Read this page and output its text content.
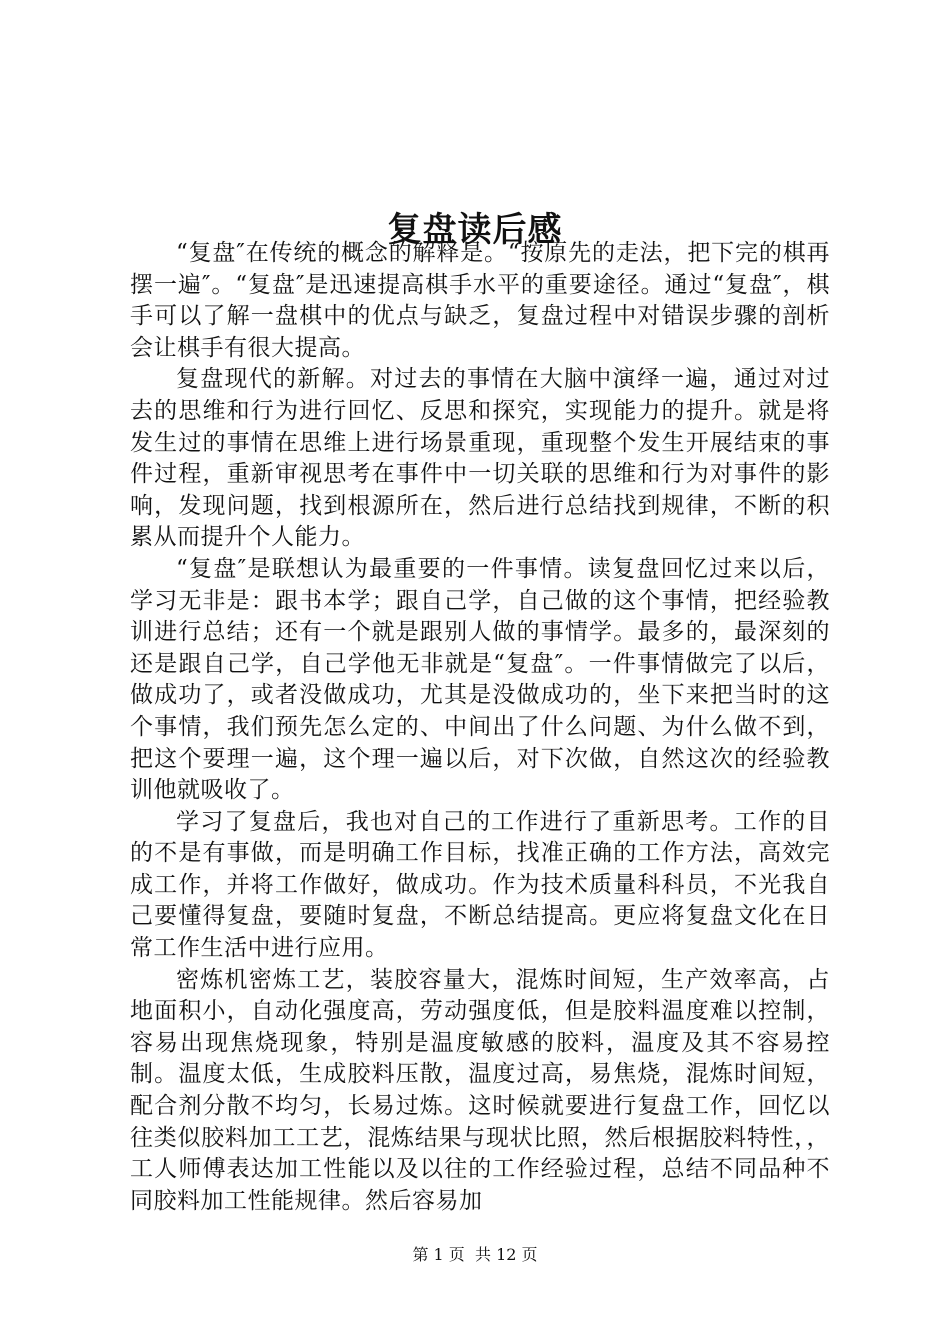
复盘读后感

“复盘″在传统的概念的解释是。“按原先的走法，把下完的棋再摆一遍″。“复盘″是迅速提高棋手水平的重要途径。通过“复盘″，棋手可以了解一盘棋中的优点与缺乏，复盘过程中对错误步骤的剖析会让棋手有很大提高。

复盘现代的新解。对过去的事情在大脑中演绎一遍，通过对过去的思维和行为进行回忆、反思和探究，实现能力的提升。就是将发生过的事情在思维上进行场景重现，重现整个发生开展结束的事件过程，重新审视思考在事件中一切关联的思维和行为对事件的影响，发现问题，找到根源所在，然后进行总结找到规律，不断的积累从而提升个人能力。

“复盘″是联想认为最重要的一件事情。读复盘回忆过来以后，学习无非是：跟书本学；跟自己学，自己做的这个事情，把经验教训进行总结；还有一个就是跟别人做的事情学。最多的，最深刻的还是跟自己学，自己学他无非就是“复盘″。一件事情做完了以后，做成功了，或者没做成功，尤其是没做成功的，坐下来把当时的这个事情，我们预先怎么定的、中间出了什么问题、为什么做不到，把这个要理一遍，这个理一遍以后，对下次做，自然这次的经验教训他就吸收了。

学习了复盘后，我也对自己的工作进行了重新思考。工作的目的不是有事做，而是明确工作目标，找准正确的工作方法，高效完成工作，并将工作做好，做成功。作为技术质量科科员，不光我自己要懂得复盘，要随时复盘，不断总结提高。更应将复盘文化在日常工作生活中进行应用。

密炼机密炼工艺，装胶容量大，混炼时间短，生产效率高，占地面积小，自动化强度高，劳动强度低，但是胶料温度难以控制，容易出现焦烧现象，特别是温度敏感的胶料，温度及其不容易控制。温度太低，生成胶料压散，温度过高，易焦烧，混炼时间短，配合剂分散不均匀，长易过炼。这时候就要进行复盘工作，回忆以往类似胶料加工工艺，混炼结果与现状比照，然后根据胶料特性，，工人师傅表达加工性能以及以往的工作经验过程，总结不同品种不同胶料加工性能规律。然后容易加

第 1 页 共 12 页
